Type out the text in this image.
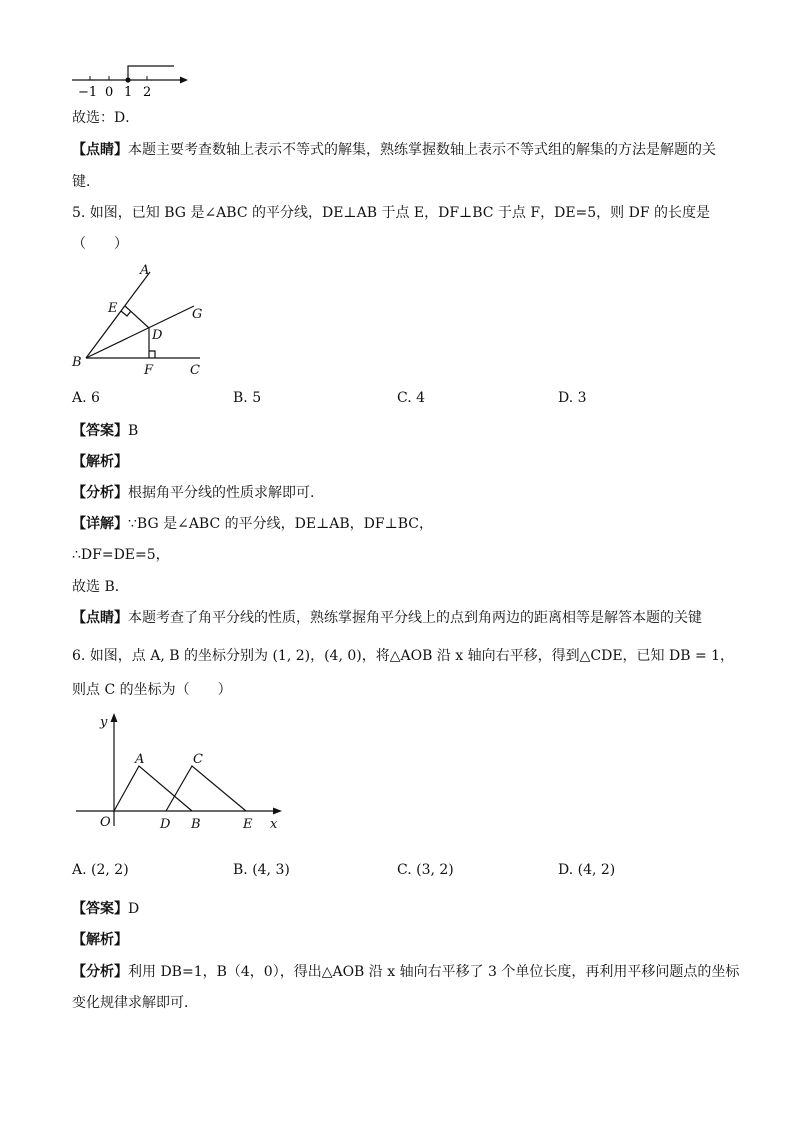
−1 0 1 2
故选：D．
【点睛】本题主要考查数轴上表示不等式的解集，熟练掌握数轴上表示不等式组的解集的方法是解题的关
键．
5. 如图，已知 BG 是∠ABC 的平分线，DE⊥AB 于点 E，DF⊥BC 于点 F，DE=5，则 DF 的长度是
（　　）
A
E	G
D
B
F	C
A. 6	B. 5	C. 4	D. 3
【答案】B
【解析】
【分析】根据角平分线的性质求解即可.
【详解】∵BG 是∠ABC 的平分线，DE⊥AB，DF⊥BC，
∴DF=DE=5，
故选 B．
【点睛】本题考查了角平分线的性质，熟练掌握角平分线上的点到角两边的距离相等是解答本题的关键
6. 如图，点 A, B 的坐标分别为 (1, 2)，(4, 0)，将△AOB 沿 x 轴向右平移，得到△CDE，已知 DB = 1，
则点 C 的坐标为（　　）
y
A	C
O	D B	E x
A. (2, 2)	B. (4, 3)	C. (3, 2)	D. (4, 2)
【答案】D
【解析】
【分析】利用 DB=1，B（4，0），得出△AOB 沿 x 轴向右平移了 3 个单位长度，再利用平移问题点的坐标
变化规律求解即可．
